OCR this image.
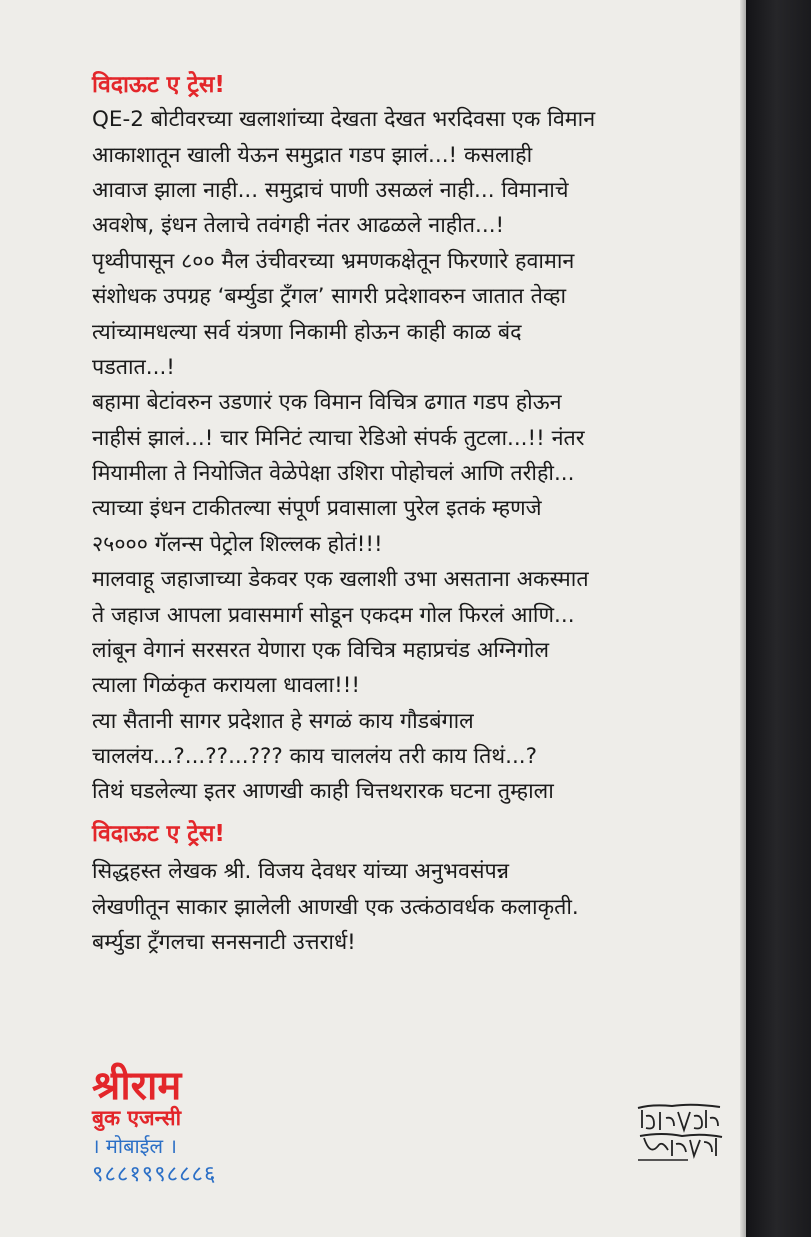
विदाऊट ए ट्रेस!
QE-2 बोटीवरच्या खलाशांच्या देखता देखत भरदिवसा एक विमान
आकाशातून खाली येऊन समुद्रात गडप झालं...! कसलाही
आवाज झाला नाही... समुद्राचं पाणी उसळलं नाही... विमानाचे
अवशेष, इंधन तेलाचे तवंगही नंतर आढळले नाहीत...!
पृथ्वीपासून ८०० मैल उंचीवरच्या भ्रमणकक्षेतून फिरणारे हवामान
संशोधक उपग्रह ‘बर्म्युडा ट्रँगल’ सागरी प्रदेशावरुन जातात तेव्हा
त्यांच्यामधल्या सर्व यंत्रणा निकामी होऊन काही काळ बंद
पडतात...!
बहामा बेटांवरुन उडणारं एक विमान विचित्र ढगात गडप होऊन
नाहीसं झालं...! चार मिनिटं त्याचा रेडिओ संपर्क तुटला...!! नंतर
मियामीला ते नियोजित वेळेपेक्षा उशिरा पोहोचलं आणि तरीही...
त्याच्या इंधन टाकीतल्या संपूर्ण प्रवासाला पुरेल इतकं म्हणजे
२५००० गॅलन्स पेट्रोल शिल्लक होतं!!!
मालवाहू जहाजाच्या डेकवर एक खलाशी उभा असताना अकस्मात
ते जहाज आपला प्रवासमार्ग सोडून एकदम गोल फिरलं आणि...
लांबून वेगानं सरसरत येणारा एक विचित्र महाप्रचंड अग्निगोल
त्याला गिळंकृत करायला धावला!!!
त्या सैतानी सागर प्रदेशात हे सगळं काय गौडबंगाल
चाललंय...?...??...??? काय चाललंय तरी काय तिथं...?
तिथं घडलेल्या इतर आणखी काही चित्तथरारक घटना तुम्हाला
विदाऊट ए ट्रेस!
सिद्धहस्त लेखक श्री. विजय देवधर यांच्या अनुभवसंपन्न
लेखणीतून साकार झालेली आणखी एक उत्कंठावर्धक कलाकृती.
बर्म्युडा ट्रँगलचा सनसनाटी उत्तरार्ध!
श्रीराम
बुक एजन्सी
। मोबाईल ।
९८८१९९८८८६
